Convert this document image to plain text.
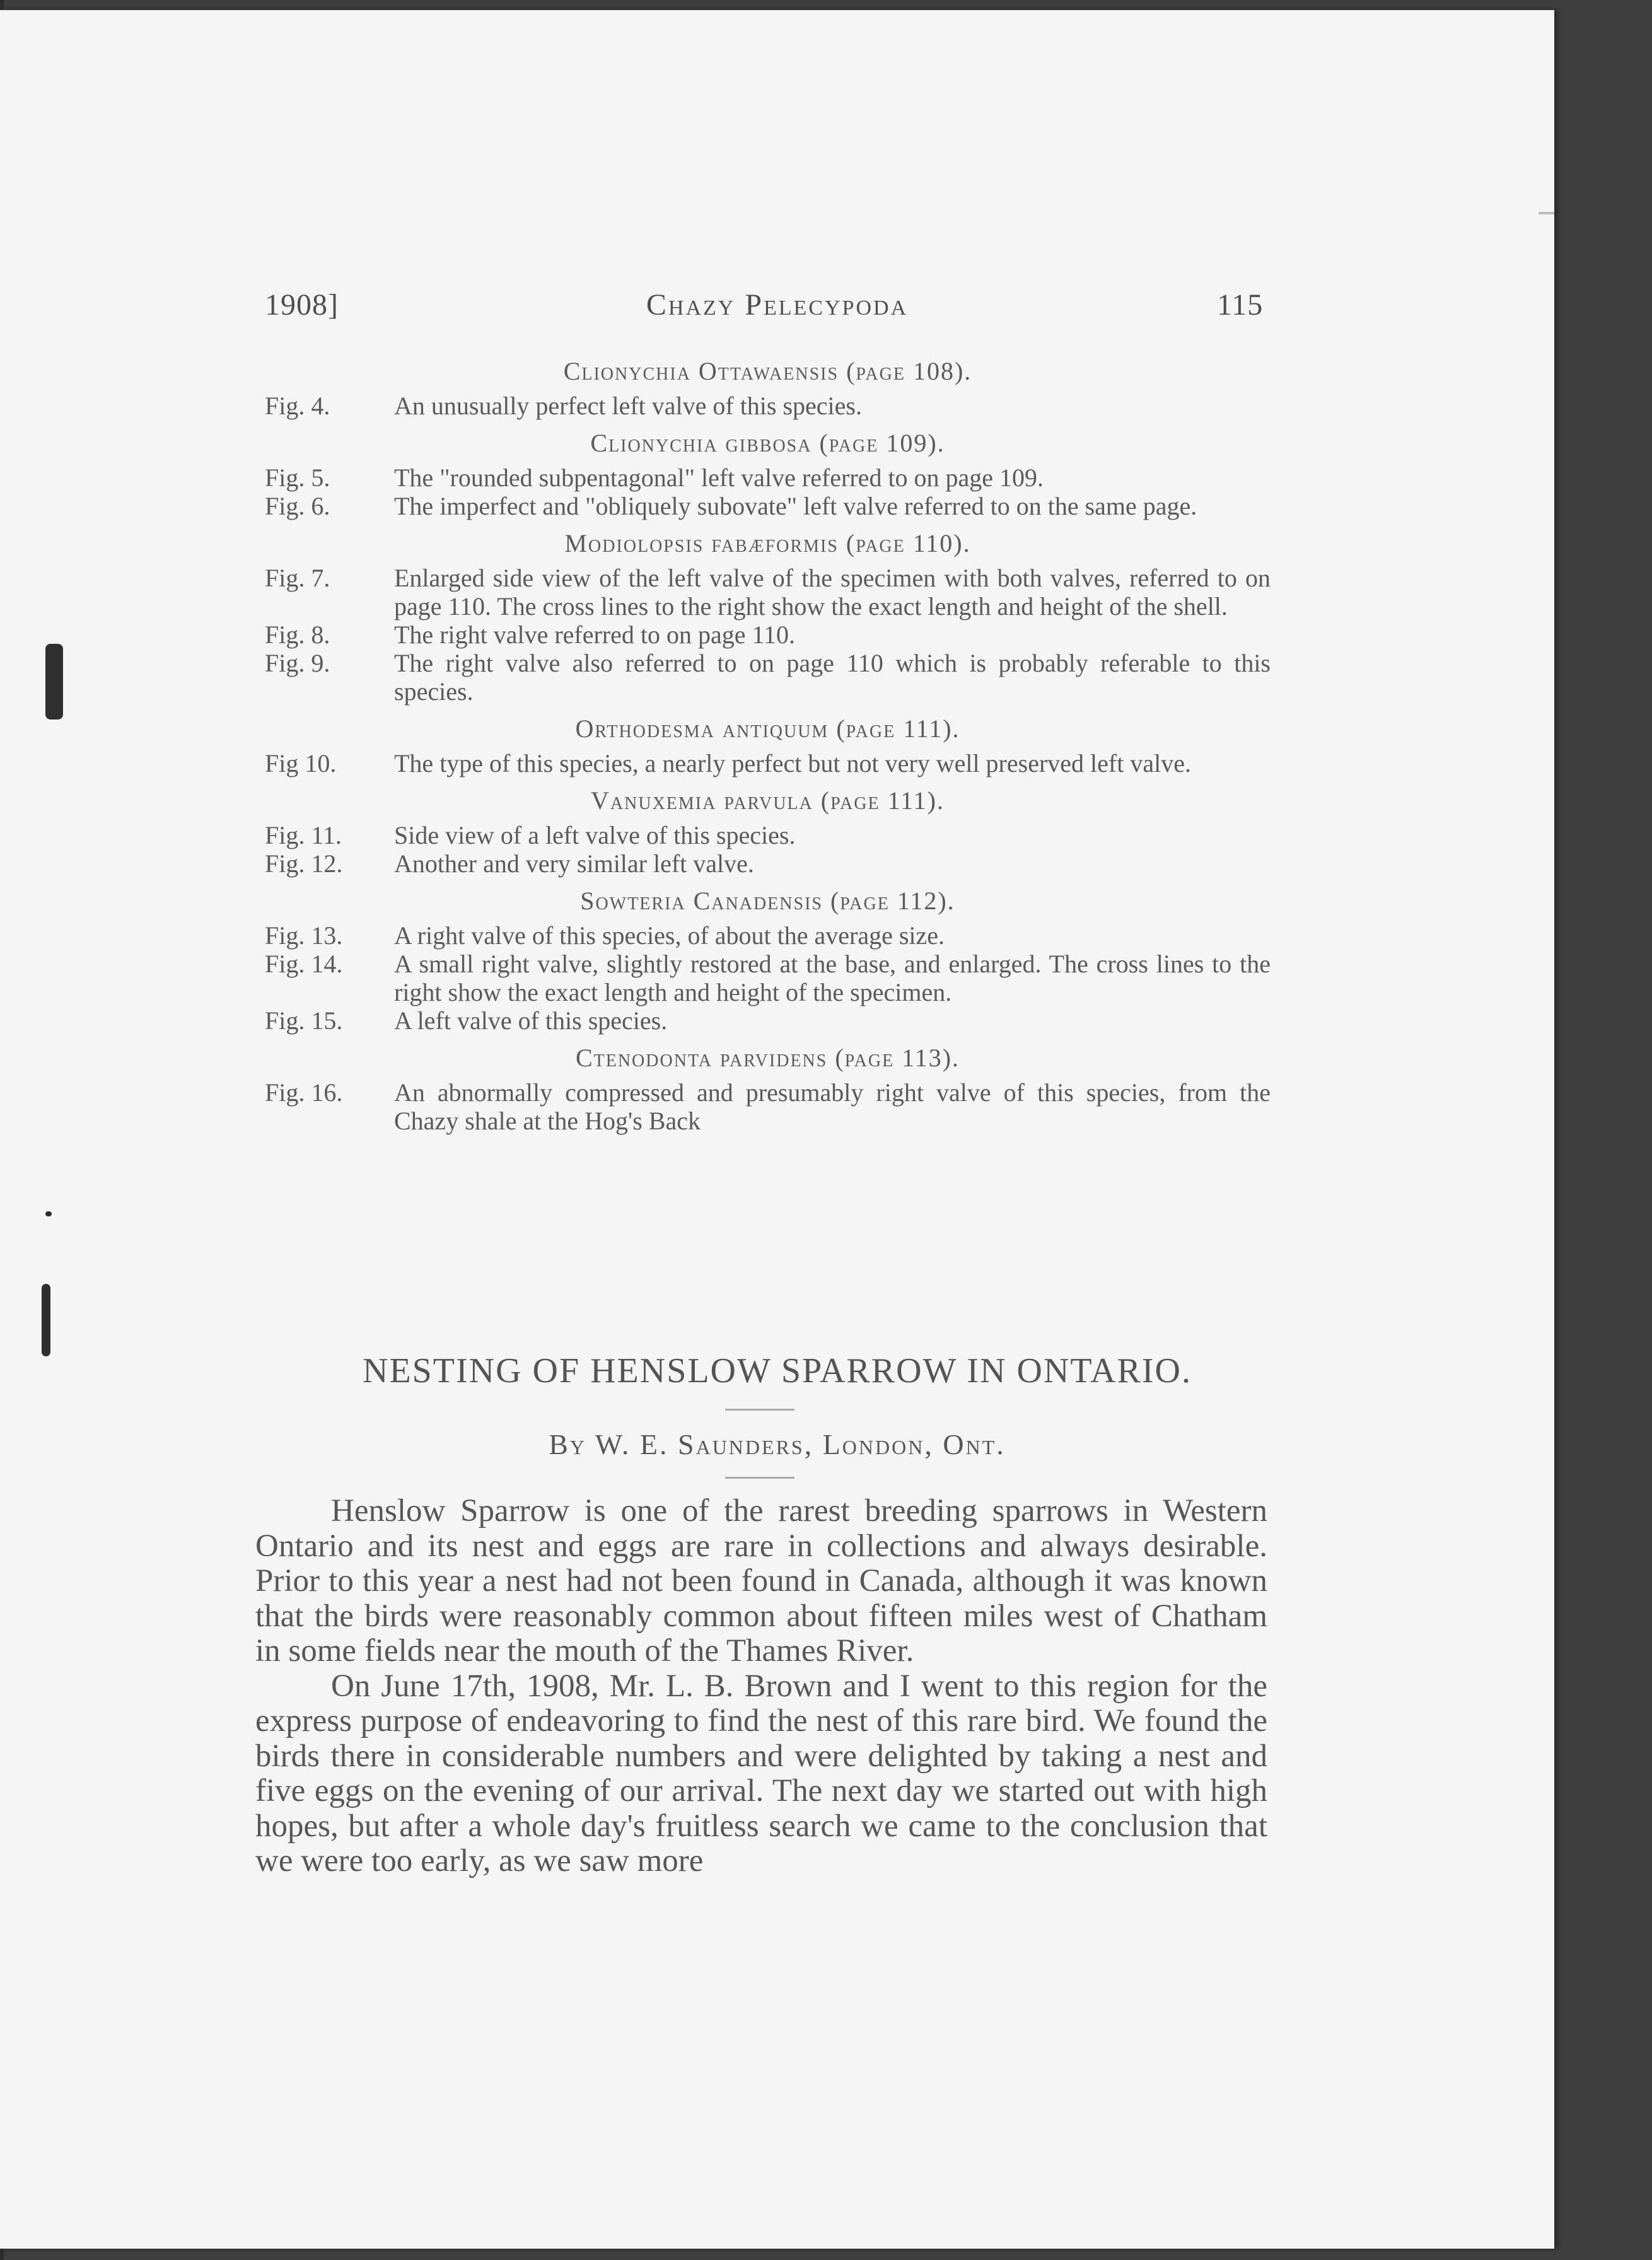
1908]	Chazy Pelecypoda	115
Clionychia Ottawaensis (page 108).
Fig. 4.	An unusually perfect left valve of this species.
Clionychia gibbosa (page 109).
Fig. 5.	The "rounded subpentagonal" left valve referred to on page 109.
Fig. 6.	The imperfect and "obliquely subovate" left valve referred to on the same page.
Modiolopsis fabæformis (page 110).
Fig. 7.	Enlarged side view of the left valve of the specimen with both valves, referred to on page 110. The cross lines to the right show the exact length and height of the shell.
Fig. 8.	The right valve referred to on page 110.
Fig. 9.	The right valve also referred to on page 110 which is probably referable to this species.
Orthodesma antiquum (page 111).
Fig 10.	The type of this species, a nearly perfect but not very well preserved left valve.
Vanuxemia parvula (page 111).
Fig. 11.	Side view of a left valve of this species.
Fig. 12.	Another and very similar left valve.
Sowteria Canadensis (page 112).
Fig. 13.	A right valve of this species, of about the average size.
Fig. 14.	A small right valve, slightly restored at the base, and enlarged. The cross lines to the right show the exact length and height of the specimen.
Fig. 15.	A left valve of this species.
Ctenodonta parvidens (page 113).
Fig. 16.	An abnormally compressed and presumably right valve of this species, from the Chazy shale at the Hog's Back
NESTING OF HENSLOW SPARROW IN ONTARIO.
By W. E. Saunders, London, Ont.

Henslow Sparrow is one of the rarest breeding sparrows in Western Ontario and its nest and eggs are rare in collections and always desirable. Prior to this year a nest had not been found in Canada, although it was known that the birds were reasonably common about fifteen miles west of Chatham in some fields near the mouth of the Thames River.

On June 17th, 1908, Mr. L. B. Brown and I went to this region for the express purpose of endeavoring to find the nest of this rare bird. We found the birds there in considerable numbers and were delighted by taking a nest and five eggs on the evening of our arrival. The next day we started out with high hopes, but after a whole day's fruitless search we came to the conclusion that we were too early, as we saw more
